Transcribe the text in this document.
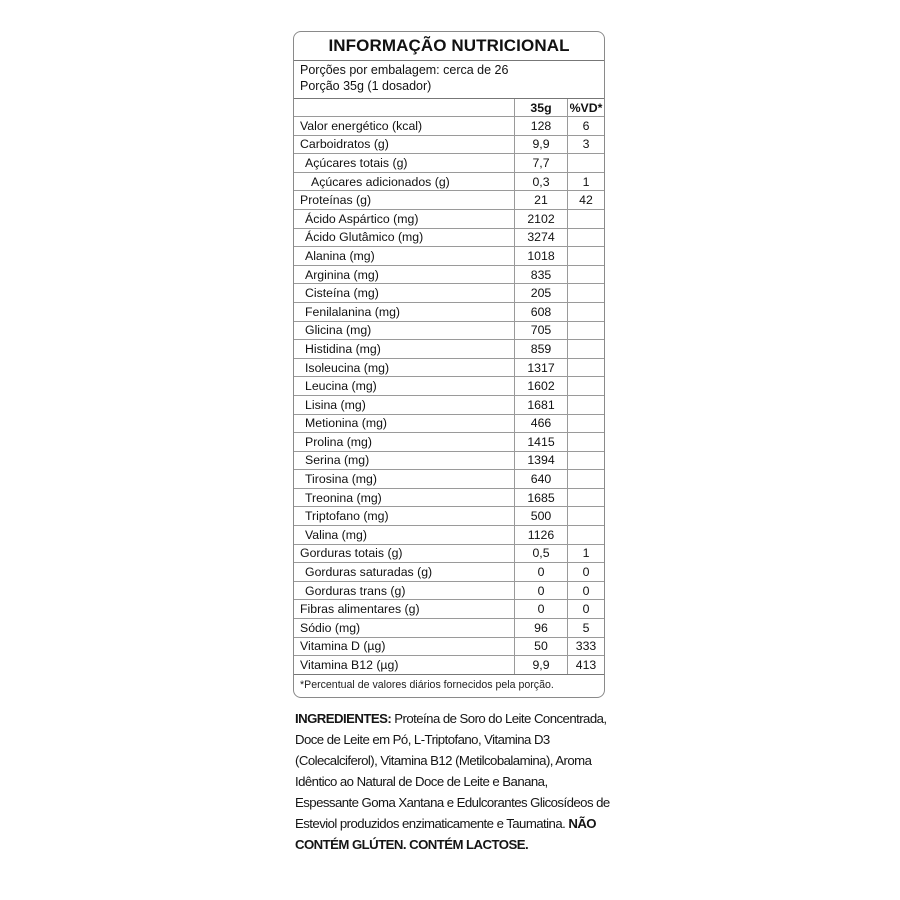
INFORMAÇÃO NUTRICIONAL
Porções por embalagem: cerca de 26
Porção 35g (1 dosador)
	35g	%VD*
Valor energético (kcal)	128	6
Carboidratos (g)	9,9	3
Açúcares totais (g)	7,7	
Açúcares adicionados (g)	0,3	1
Proteínas (g)	21	42
Ácido Aspártico (mg)	2102	
Ácido Glutâmico (mg)	3274	
Alanina (mg)	1018	
Arginina (mg)	835	
Cisteína (mg)	205	
Fenilalanina (mg)	608	
Glicina (mg)	705	
Histidina (mg)	859	
Isoleucina (mg)	1317	
Leucina (mg)	1602	
Lisina (mg)	1681	
Metionina (mg)	466	
Prolina (mg)	1415	
Serina (mg)	1394	
Tirosina (mg)	640	
Treonina (mg)	1685	
Triptofano (mg)	500	
Valina (mg)	1126	
Gorduras totais (g)	0,5	1
Gorduras saturadas (g)	0	0
Gorduras trans (g)	0	0
Fibras alimentares (g)	0	0
Sódio (mg)	96	5
Vitamina D (µg)	50	333
Vitamina B12 (µg)	9,9	413
*Percentual de valores diários fornecidos pela porção.
INGREDIENTES: Proteína de Soro do Leite Concentrada, Doce de Leite em Pó, L-Triptofano, Vitamina D3 (Colecalciferol), Vitamina B12 (Metilcobalamina), Aroma Idêntico ao Natural de Doce de Leite e Banana, Espessante Goma Xantana e Edulcorantes Glicosídeos de Esteviol produzidos enzimaticamente e Taumatina. NÃO CONTÉM GLÚTEN. CONTÉM LACTOSE.
